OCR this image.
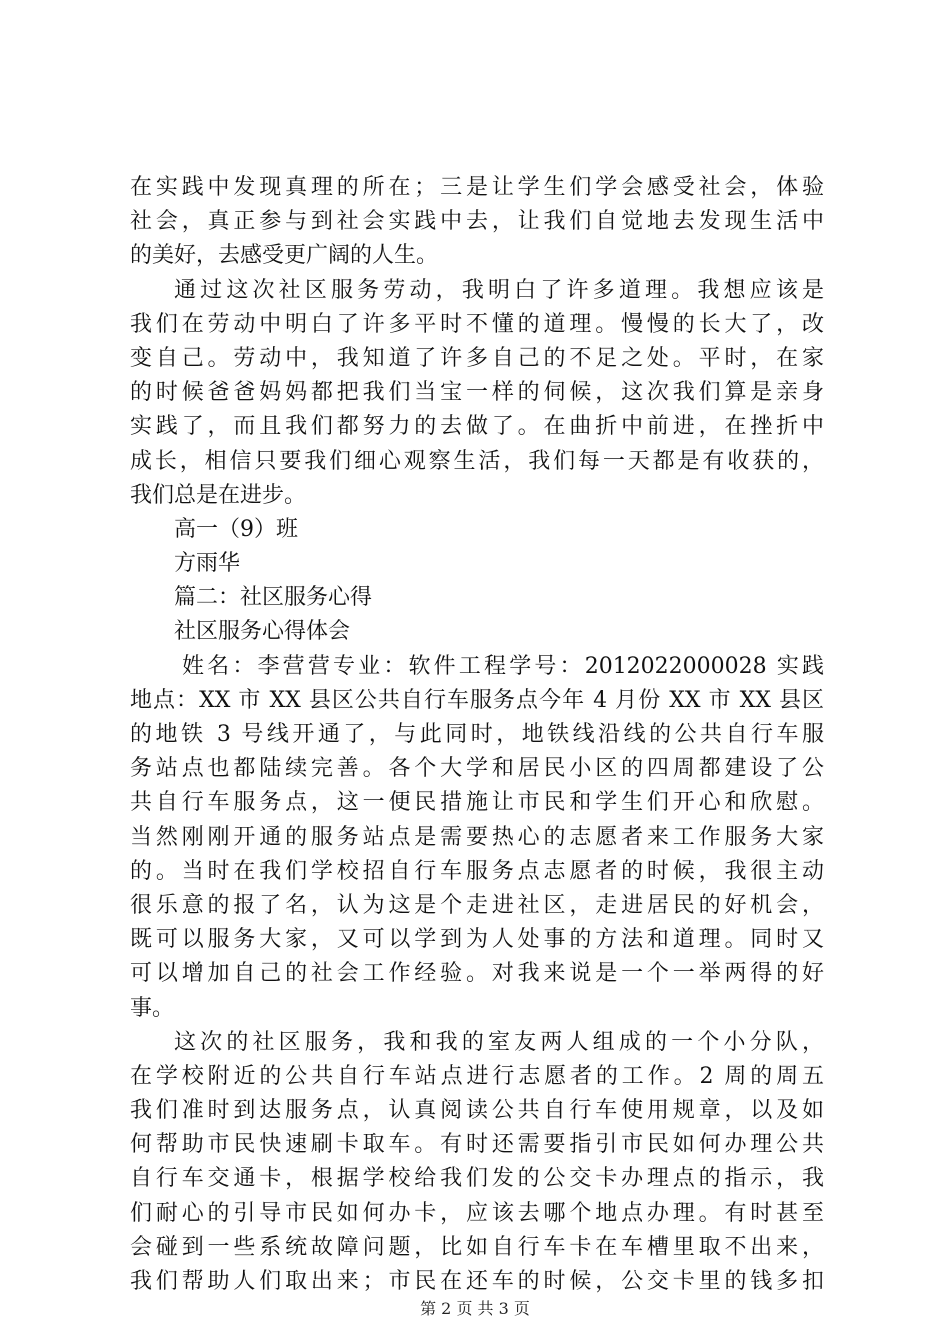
在实践中发现真理的所在；三是让学生们学会感受社会，体验
社会，真正参与到社会实践中去，让我们自觉地去发现生活中
的美好，去感受更广阔的人生。
通过这次社区服务劳动，我明白了许多道理。我想应该是
我们在劳动中明白了许多平时不懂的道理。慢慢的长大了，改
变自己。劳动中，我知道了许多自己的不足之处。平时，在家
的时候爸爸妈妈都把我们当宝一样的伺候，这次我们算是亲身
实践了，而且我们都努力的去做了。在曲折中前进，在挫折中
成长，相信只要我们细心观察生活，我们每一天都是有收获的，
我们总是在进步。
高一（9）班
方雨华
篇二：社区服务心得
社区服务心得体会
姓名：李营营专业：软件工程学号：2012022000028 实践
地点：XX 市 XX 县区公共自行车服务点今年 4 月份 XX 市 XX 县区
的地铁 3 号线开通了，与此同时，地铁线沿线的公共自行车服
务站点也都陆续完善。各个大学和居民小区的四周都建设了公
共自行车服务点，这一便民措施让市民和学生们开心和欣慰。
当然刚刚开通的服务站点是需要热心的志愿者来工作服务大家
的。当时在我们学校招自行车服务点志愿者的时候，我很主动
很乐意的报了名，认为这是个走进社区，走进居民的好机会，
既可以服务大家，又可以学到为人处事的方法和道理。同时又
可以增加自己的社会工作经验。对我来说是一个一举两得的好
事。
这次的社区服务，我和我的室友两人组成的一个小分队，
在学校附近的公共自行车站点进行志愿者的工作。2 周的周五
我们准时到达服务点，认真阅读公共自行车使用规章，以及如
何帮助市民快速刷卡取车。有时还需要指引市民如何办理公共
自行车交通卡，根据学校给我们发的公交卡办理点的指示，我
们耐心的引导市民如何办卡，应该去哪个地点办理。有时甚至
会碰到一些系统故障问题，比如自行车卡在车槽里取不出来，
我们帮助人们取出来；市民在还车的时候，公交卡里的钱多扣
第 2 页 共 3 页
